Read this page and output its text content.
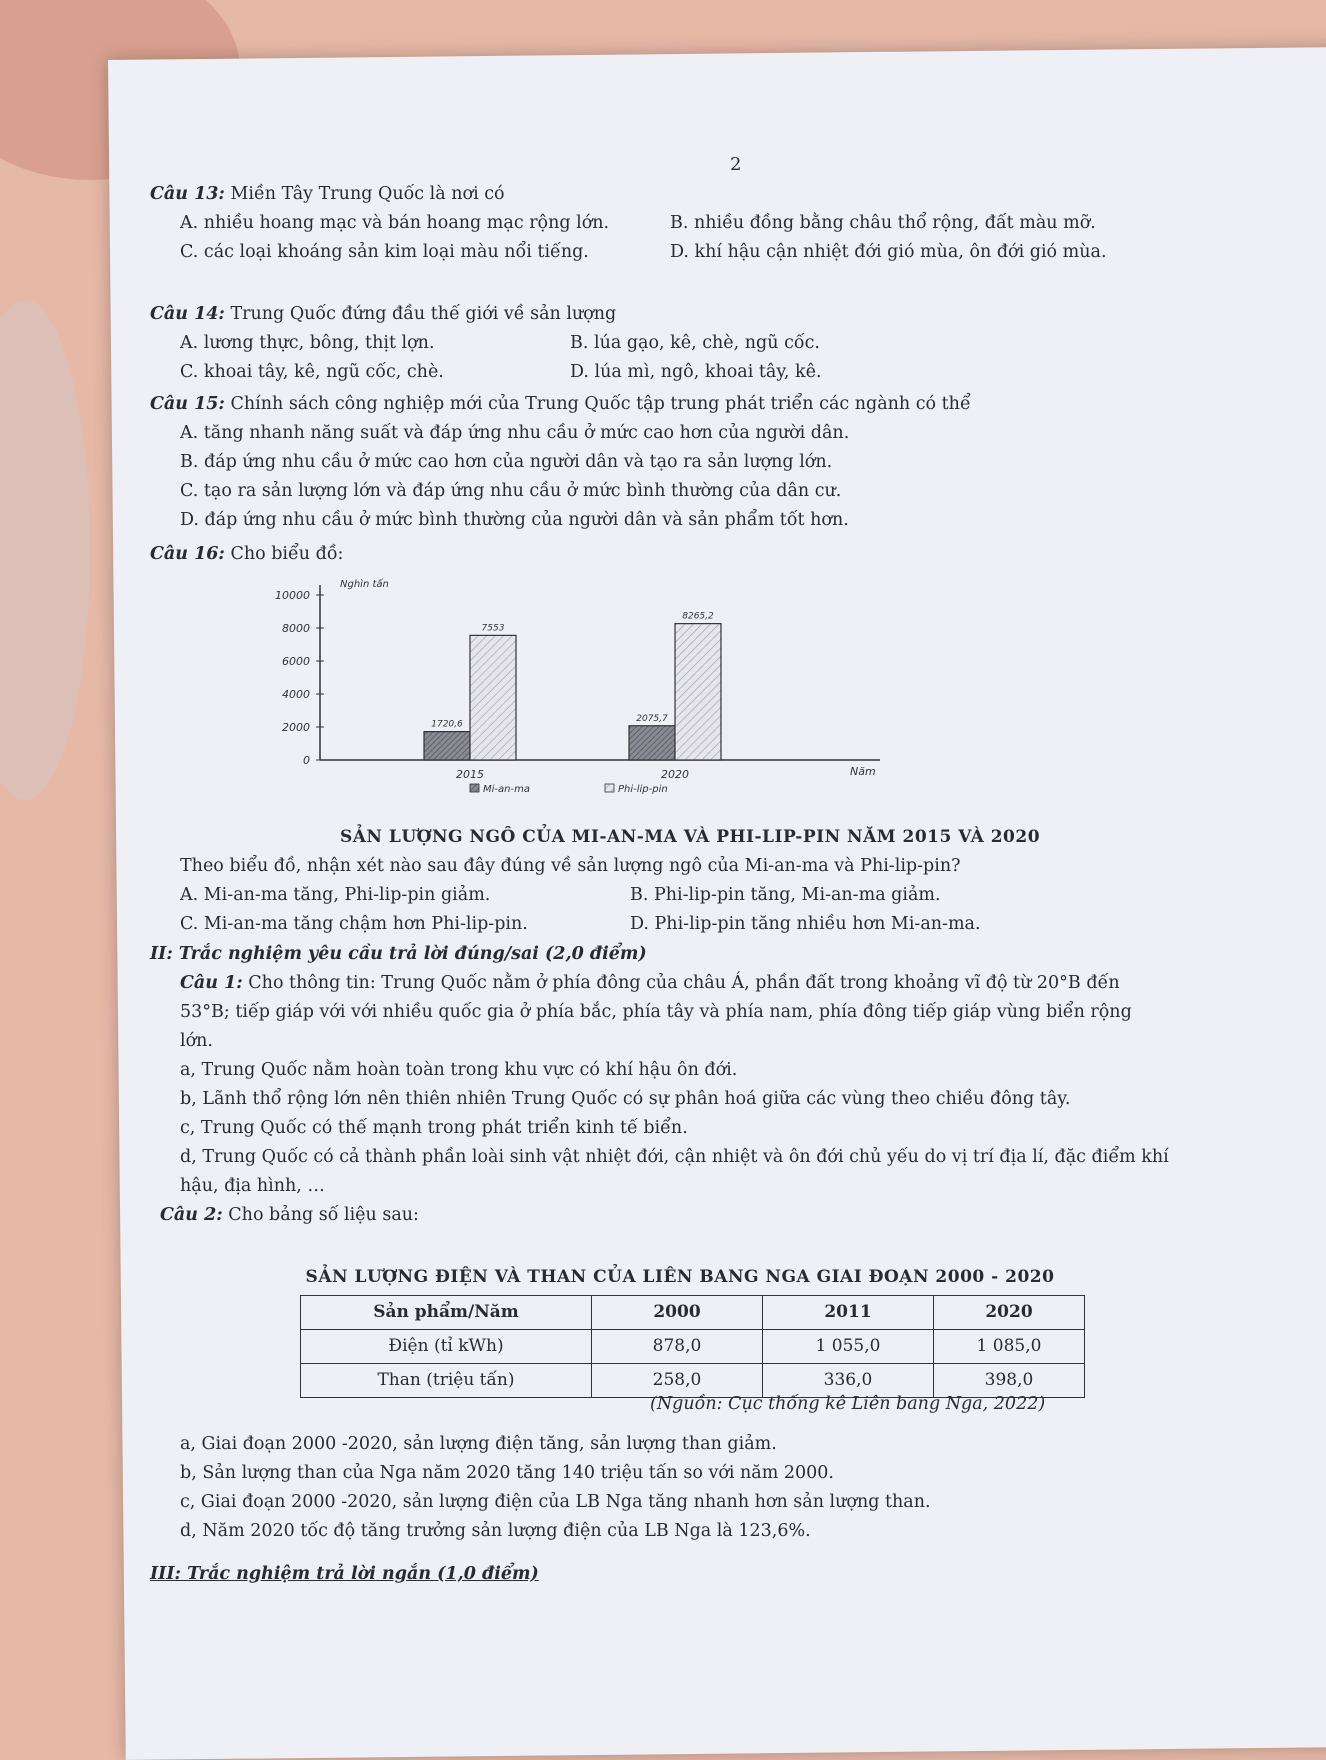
2
Câu 13: Miền Tây Trung Quốc là nơi có
A. nhiều hoang mạc và bán hoang mạc rộng lớn.	B. nhiều đồng bằng châu thổ rộng, đất màu mỡ.
C. các loại khoáng sản kim loại màu nổi tiếng.	D. khí hậu cận nhiệt đới gió mùa, ôn đới gió mùa.
Câu 14: Trung Quốc đứng đầu thế giới về sản lượng
A. lương thực, bông, thịt lợn.	B. lúa gạo, kê, chè, ngũ cốc.
C. khoai tây, kê, ngũ cốc, chè.	D. lúa mì, ngô, khoai tây, kê.
Câu 15: Chính sách công nghiệp mới của Trung Quốc tập trung phát triển các ngành có thể
A. tăng nhanh năng suất và đáp ứng nhu cầu ở mức cao hơn của người dân.
B. đáp ứng nhu cầu ở mức cao hơn của người dân và tạo ra sản lượng lớn.
C. tạo ra sản lượng lớn và đáp ứng nhu cầu ở mức bình thường của dân cư.
D. đáp ứng nhu cầu ở mức bình thường của người dân và sản phẩm tốt hơn.
Câu 16: Cho biểu đồ:
Nghìn tấn
Năm
0
2000
4000
6000
8000
10000
2015
1720,6
7553
2020
2075,7
8265,2
Mi-an-ma	Phi-lip-pin
SẢN LƯỢNG NGÔ CỦA MI-AN-MA VÀ PHI-LIP-PIN NĂM 2015 VÀ 2020
Theo biểu đồ, nhận xét nào sau đây đúng về sản lượng ngô của Mi-an-ma và Phi-lip-pin?
A. Mi-an-ma tăng, Phi-lip-pin giảm.	B. Phi-lip-pin tăng, Mi-an-ma giảm.
C. Mi-an-ma tăng chậm hơn Phi-lip-pin.	D. Phi-lip-pin tăng nhiều hơn Mi-an-ma.
II: Trắc nghiệm yêu cầu trả lời đúng/sai (2,0 điểm)
Câu 1: Cho thông tin: Trung Quốc nằm ở phía đông của châu Á, phần đất trong khoảng vĩ độ từ 20°B đến 53°B; tiếp giáp với với nhiều quốc gia ở phía bắc, phía tây và phía nam, phía đông tiếp giáp vùng biển rộng lớn.
a, Trung Quốc nằm hoàn toàn trong khu vực có khí hậu ôn đới.
b, Lãnh thổ rộng lớn nên thiên nhiên Trung Quốc có sự phân hoá giữa các vùng theo chiều đông tây.
c, Trung Quốc có thế mạnh trong phát triển kinh tế biển.
d, Trung Quốc có cả thành phần loài sinh vật nhiệt đới, cận nhiệt và ôn đới chủ yếu do vị trí địa lí, đặc điểm khí hậu, địa hình, …
Câu 2: Cho bảng số liệu sau:
SẢN LƯỢNG ĐIỆN VÀ THAN CỦA LIÊN BANG NGA GIAI ĐOẠN 2000 - 2020
Sản phẩm/Năm	2000	2011	2020
Điện (tỉ kWh)	878,0	1 055,0	1 085,0
Than (triệu tấn)	258,0	336,0	398,0
(Nguồn: Cục thống kê Liên bang Nga, 2022)
a, Giai đoạn 2000 -2020, sản lượng điện tăng, sản lượng than giảm.
b, Sản lượng than của Nga năm 2020 tăng 140 triệu tấn so với năm 2000.
c, Giai đoạn 2000 -2020, sản lượng điện của LB Nga tăng nhanh hơn sản lượng than.
d, Năm 2020 tốc độ tăng trưởng sản lượng điện của LB Nga là 123,6%.
III: Trắc nghiệm trả lời ngắn (1,0 điểm)
